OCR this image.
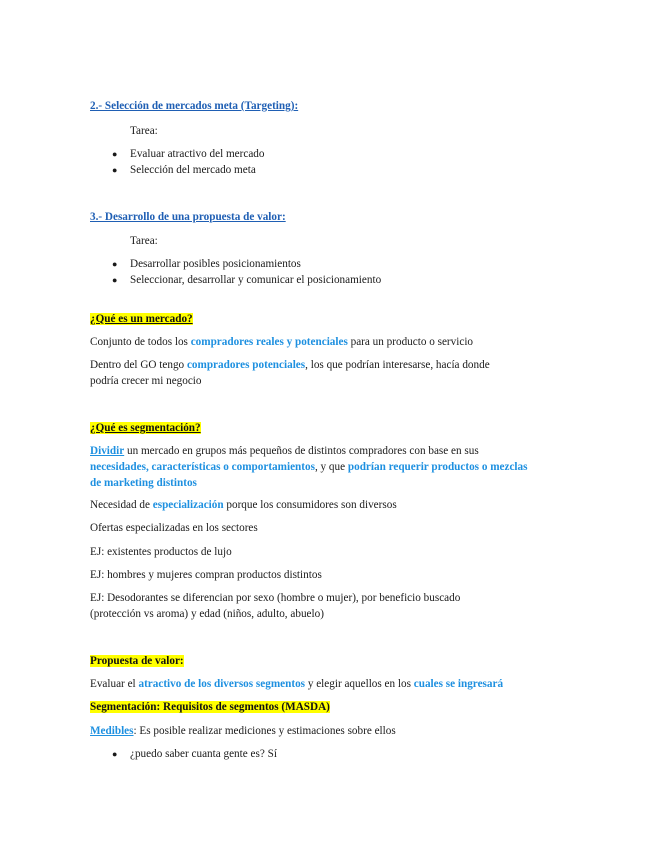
2.- Selección de mercados meta (Targeting):
Tarea:
● Evaluar atractivo del mercado
● Selección del mercado meta
3.- Desarrollo de una propuesta de valor:
Tarea:
● Desarrollar posibles posicionamientos
● Seleccionar, desarrollar y comunicar el posicionamiento
¿Qué es un mercado?
Conjunto de todos los compradores reales y potenciales para un producto o servicio
Dentro del GO tengo compradores potenciales, los que podrían interesarse, hacía donde
podría crecer mi negocio
¿Qué es segmentación?
Dividir un mercado en grupos más pequeños de distintos compradores con base en sus
necesidades, características o comportamientos, y que podrían requerir productos o mezclas
de marketing distintos
Necesidad de especialización porque los consumidores son diversos
Ofertas especializadas en los sectores
EJ: existentes productos de lujo
EJ: hombres y mujeres compran productos distintos
EJ: Desodorantes se diferencian por sexo (hombre o mujer), por beneficio buscado
(protección vs aroma) y edad (niños, adulto, abuelo)
Propuesta de valor:
Evaluar el atractivo de los diversos segmentos y elegir aquellos en los cuales se ingresará
Segmentación: Requisitos de segmentos (MASDA)
Medibles: Es posible realizar mediciones y estimaciones sobre ellos
● ¿puedo saber cuanta gente es? Sí
